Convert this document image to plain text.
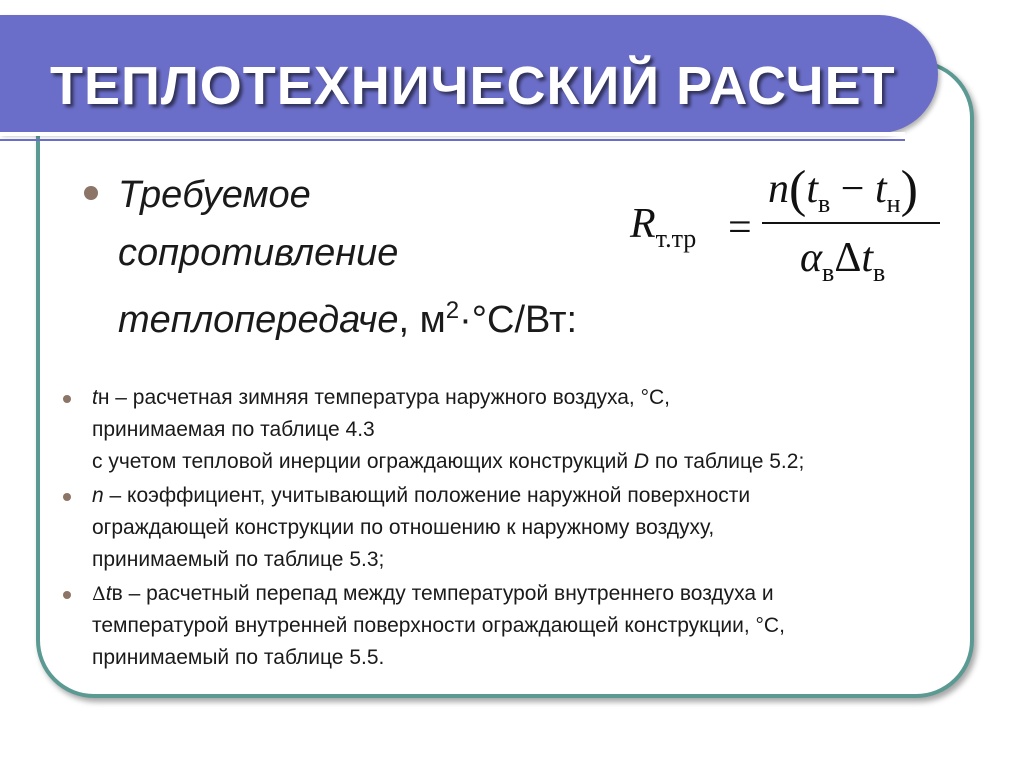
ТЕПЛОТЕХНИЧЕСКИЙ РАСЧЕТ
Требуемое
сопротивление
теплопередаче, $м^2\cdot^\circ С/Вт$:
$R_{т.тр}$ =
$n(t_в - t_н)$
$\alpha_в\Delta t_в$
tн – расчетная зимняя температура наружного воздуха, °С,
принимаемая по таблице 4.3
с учетом тепловой инерции ограждающих конструкций D по таблице 5.2;
n – коэффициент, учитывающий положение наружной поверхности
ограждающей конструкции по отношению к наружному воздуху,
принимаемый по таблице 5.3;
Δtв – расчетный перепад между температурой внутреннего воздуха и
температурой внутренней поверхности ограждающей конструкции, °С,
принимаемый по таблице 5.5.
